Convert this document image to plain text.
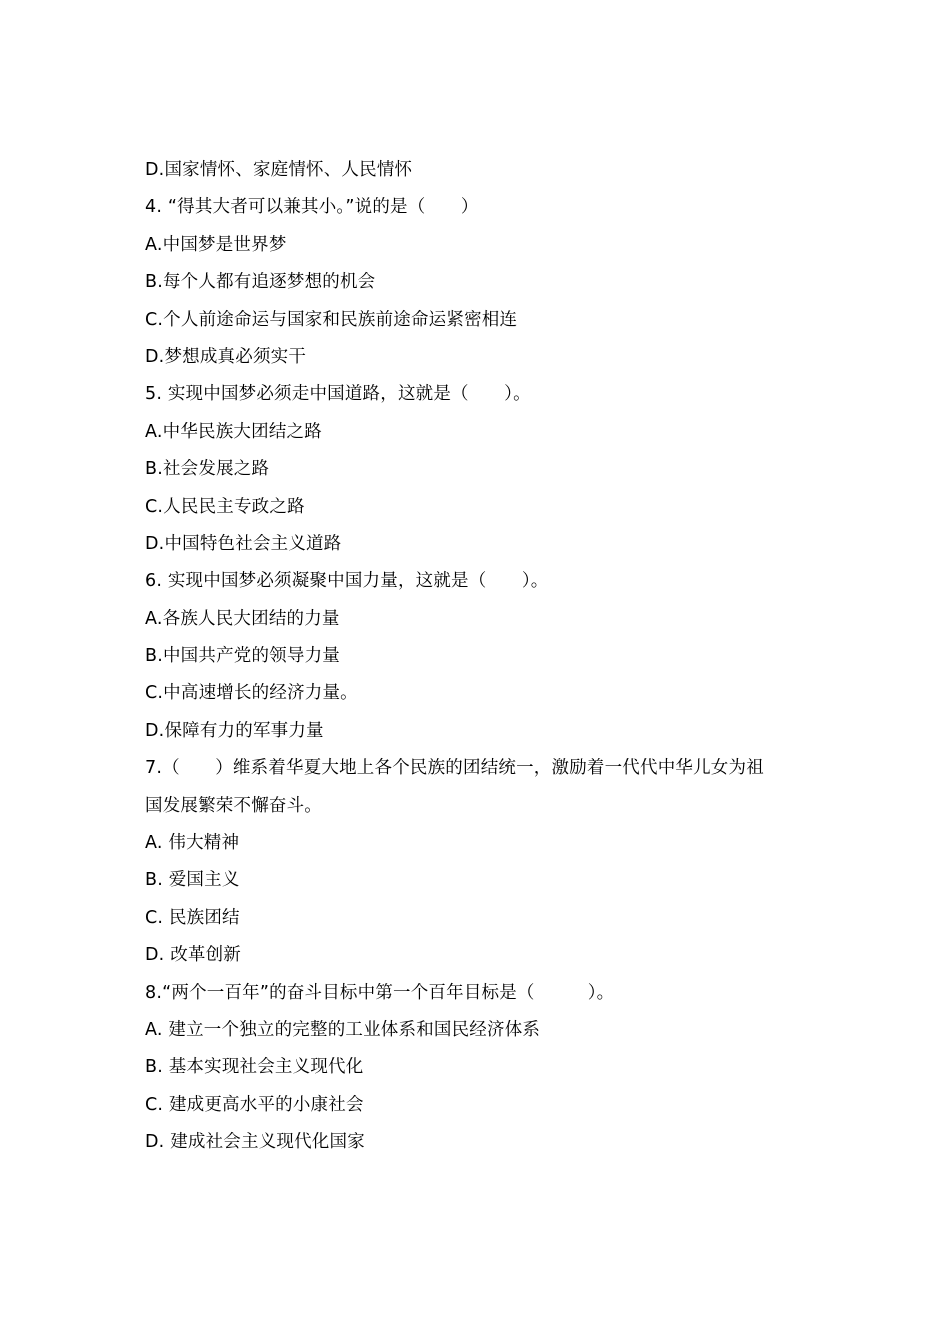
D.国家情怀、家庭情怀、人民情怀
4. “得其大者可以兼其小。”说的是（　　）
A.中国梦是世界梦
B.每个人都有追逐梦想的机会
C.个人前途命运与国家和民族前途命运紧密相连
D.梦想成真必须实干
5. 实现中国梦必须走中国道路，这就是（　　）。
A.中华民族大团结之路
B.社会发展之路
C.人民民主专政之路
D.中国特色社会主义道路
6. 实现中国梦必须凝聚中国力量，这就是（　　）。
A.各族人民大团结的力量
B.中国共产党的领导力量
C.中高速增长的经济力量。
D.保障有力的军事力量
7.（　　）维系着华夏大地上各个民族的团结统一，激励着一代代中华儿女为祖
国发展繁荣不懈奋斗。
A. 伟大精神
B. 爱国主义
C. 民族团结
D. 改革创新
8.“两个一百年”的奋斗目标中第一个百年目标是（　　　）。
A. 建立一个独立的完整的工业体系和国民经济体系
B. 基本实现社会主义现代化
C. 建成更高水平的小康社会
D. 建成社会主义现代化国家
